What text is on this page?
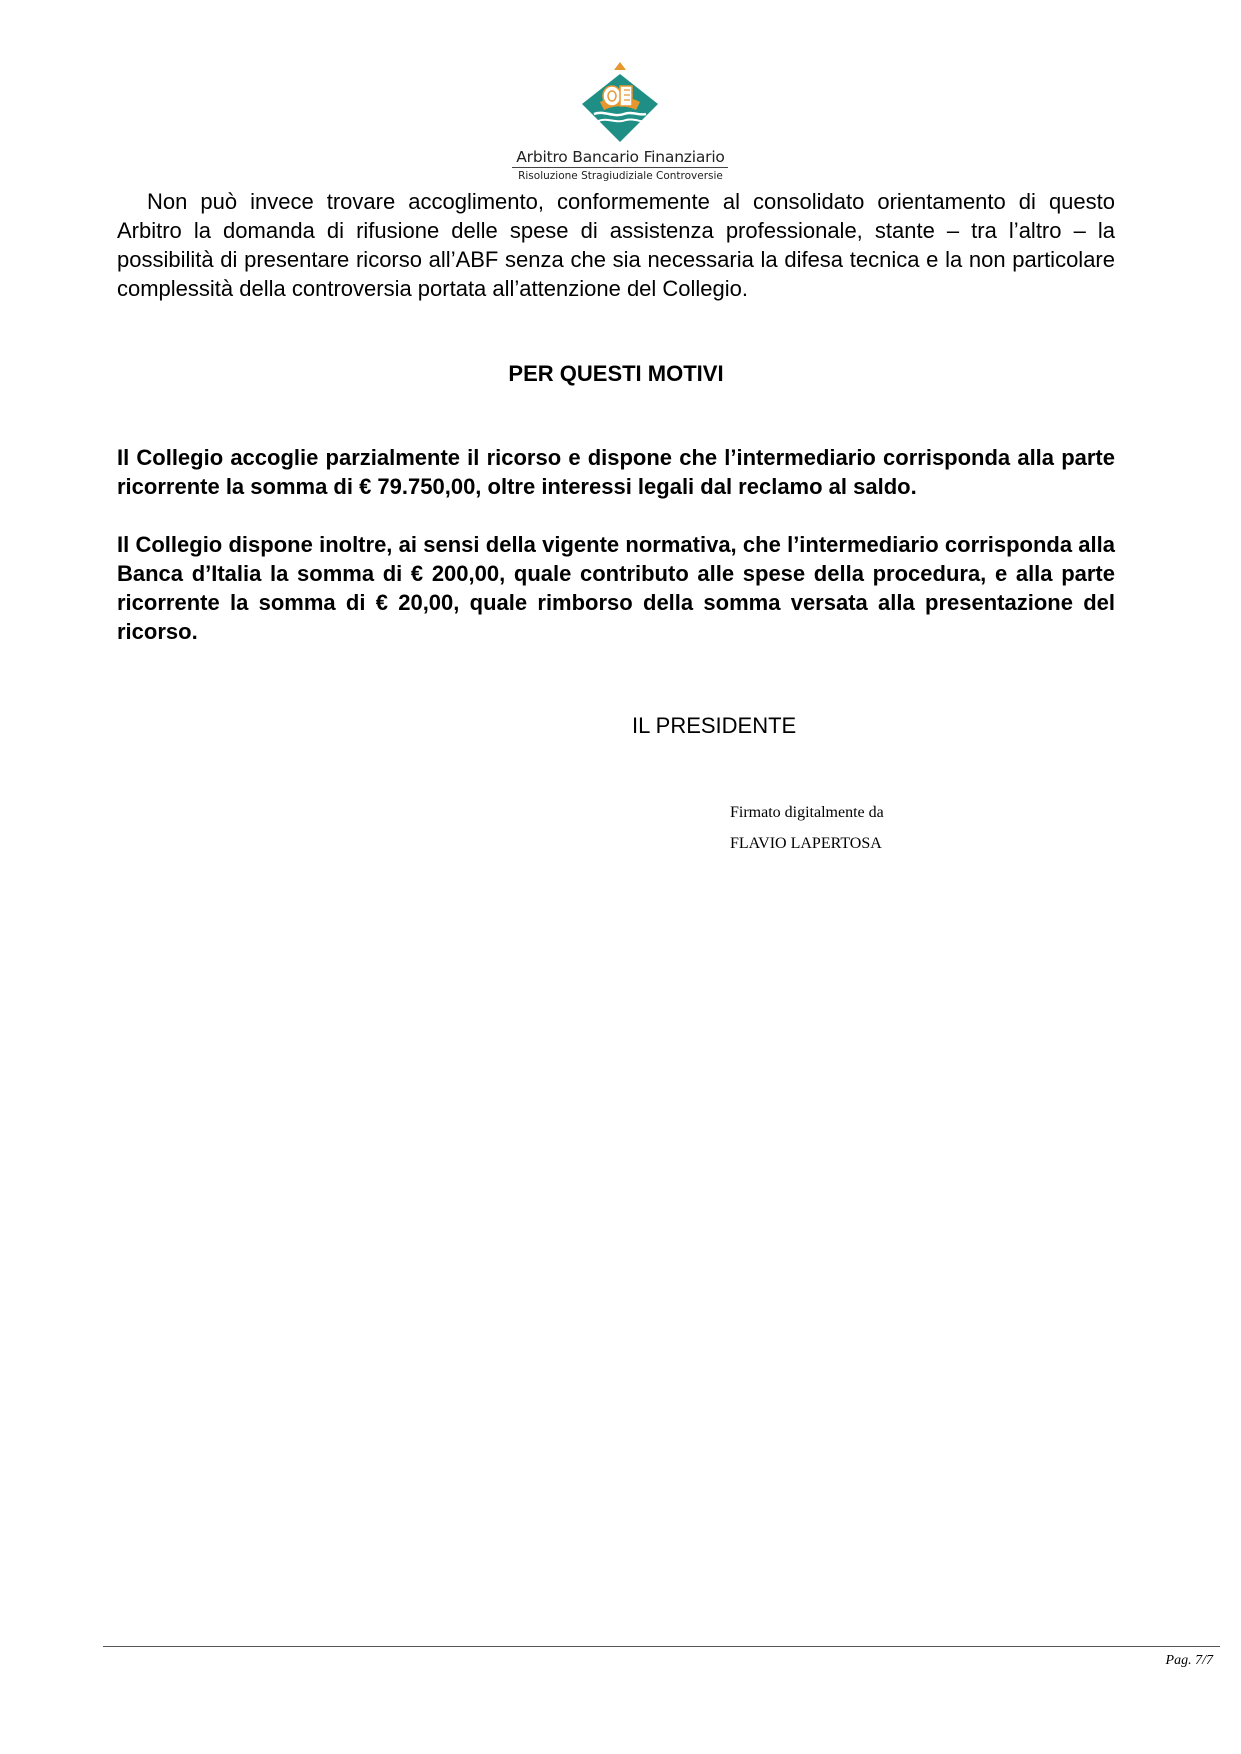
Arbitro Bancario Finanziario
Risoluzione Stragiudiziale Controversie

Non può invece trovare accoglimento, conformemente al consolidato orientamento di questo Arbitro la domanda di rifusione delle spese di assistenza professionale, stante – tra l’altro – la possibilità di presentare ricorso all’ABF senza che sia necessaria la difesa tecnica e la non particolare complessità della controversia portata all’attenzione del Collegio.

PER QUESTI MOTIVI

Il Collegio accoglie parzialmente il ricorso e dispone che l’intermediario corrisponda alla parte ricorrente la somma di € 79.750,00, oltre interessi legali dal reclamo al saldo.

Il Collegio dispone inoltre, ai sensi della vigente normativa, che l’intermediario corrisponda alla Banca d’Italia la somma di € 200,00, quale contributo alle spese della procedura, e alla parte ricorrente la somma di € 20,00, quale rimborso della somma versata alla presentazione del ricorso.

IL PRESIDENTE
Firmato digitalmente da
FLAVIO LAPERTOSA
Pag. 7/7
